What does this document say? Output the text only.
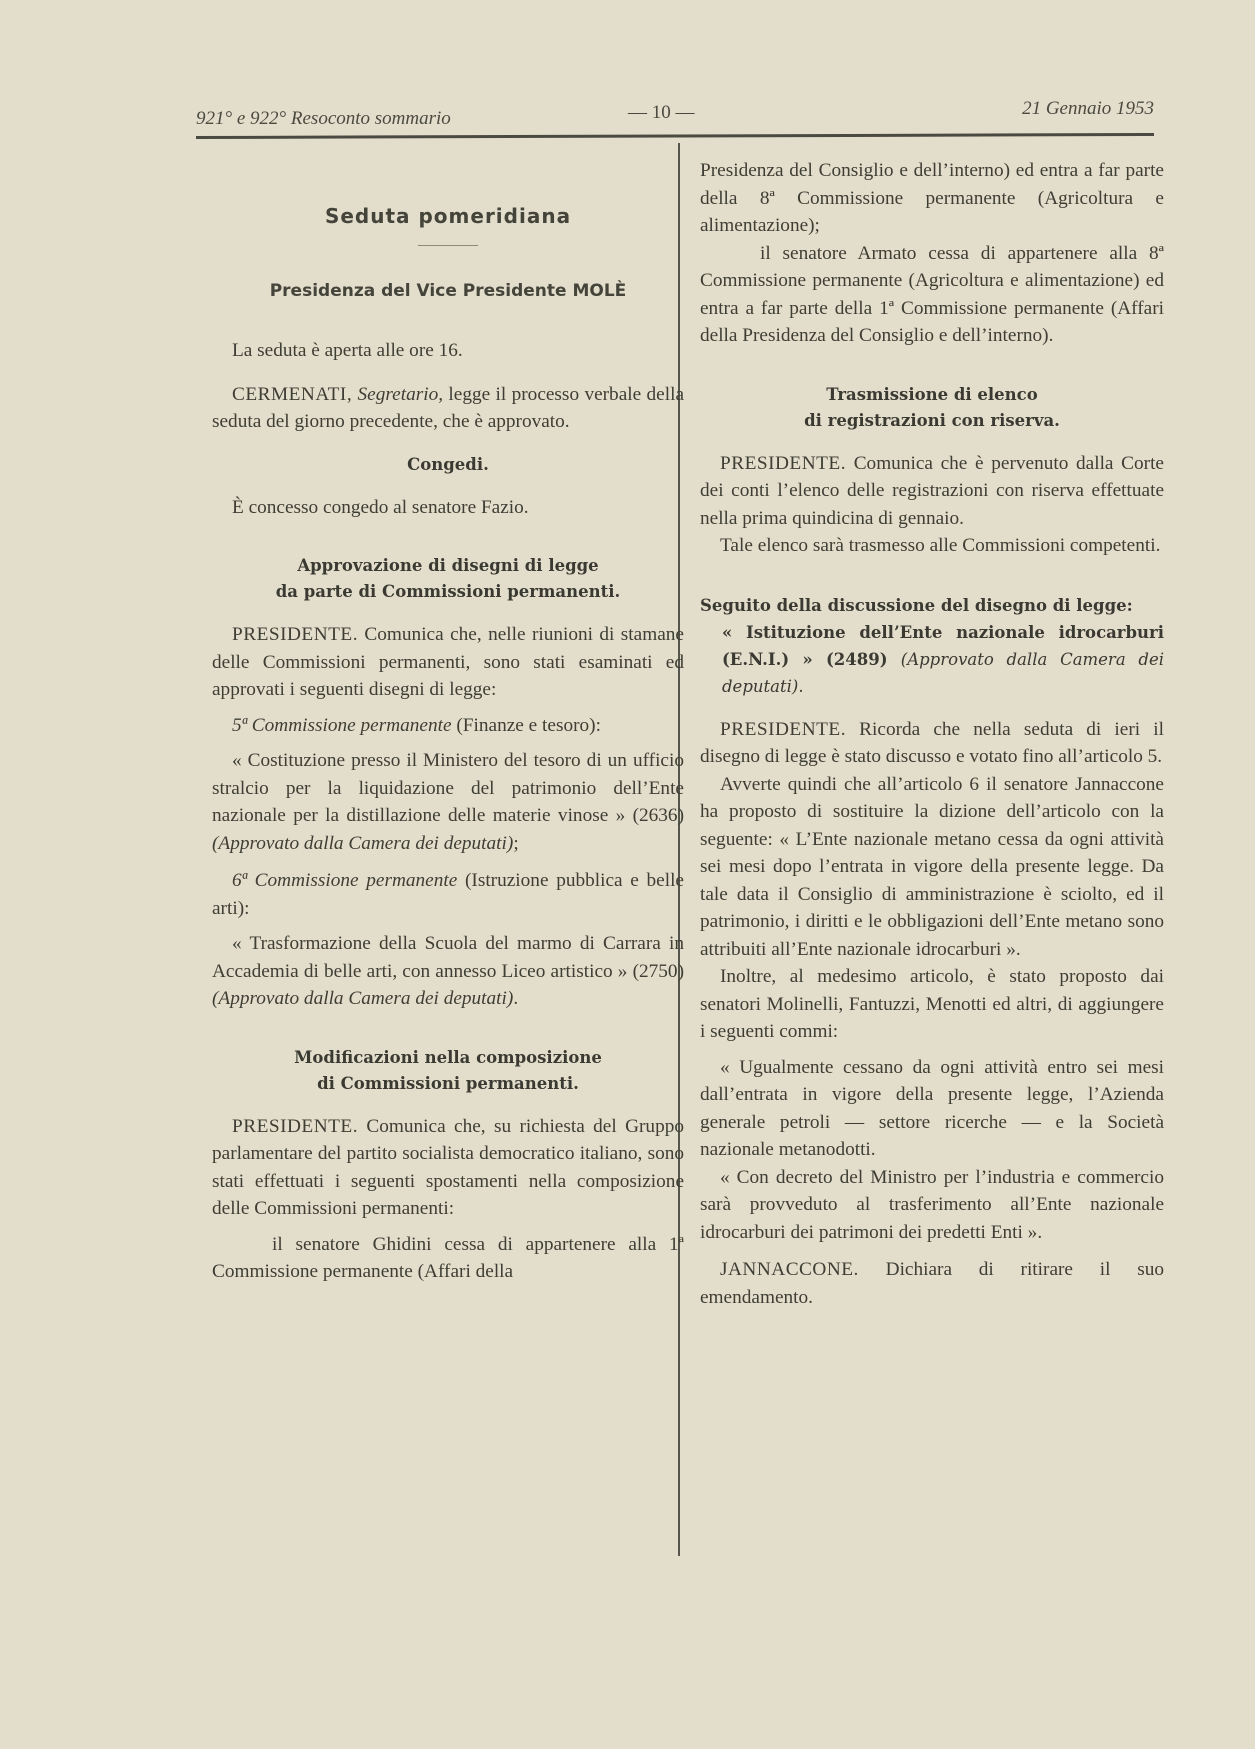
921° e 922° Resoconto sommario	— 10 —	21 Gennaio 1953
Seduta pomeridiana
Presidenza del Vice Presidente MOLÈ

La seduta è aperta alle ore 16.

CERMENATI, Segretario, legge il processo verbale della seduta del giorno precedente, che è approvato.

Congedi.

È concesso congedo al senatore Fazio.

Approvazione di disegni di legge
da parte di Commissioni permanenti.

PRESIDENTE. Comunica che, nelle riunioni di stamane delle Commissioni permanenti, sono stati esaminati ed approvati i seguenti disegni di legge:

5ª Commissione permanente (Finanze e tesoro):

« Costituzione presso il Ministero del tesoro di un ufficio stralcio per la liquidazione del patrimonio dell’Ente nazionale per la distillazione delle materie vinose » (2636) (Approvato dalla Camera dei deputati);

6ª Commissione permanente (Istruzione pubblica e belle arti):

« Trasformazione della Scuola del marmo di Carrara in Accademia di belle arti, con annesso Liceo artistico » (2750) (Approvato dalla Camera dei deputati).

Modificazioni nella composizione
di Commissioni permanenti.

PRESIDENTE. Comunica che, su richiesta del Gruppo parlamentare del partito socialista democratico italiano, sono stati effettuati i seguenti spostamenti nella composizione delle Commissioni permanenti:

il senatore Ghidini cessa di appartenere alla 1ª Commissione permanente (Affari della

Presidenza del Consiglio e dell’interno) ed entra a far parte della 8ª Commissione permanente (Agricoltura e alimentazione);

il senatore Armato cessa di appartenere alla 8ª Commissione permanente (Agricoltura e alimentazione) ed entra a far parte della 1ª Commissione permanente (Affari della Presidenza del Consiglio e dell’interno).

Trasmissione di elenco
di registrazioni con riserva.

PRESIDENTE. Comunica che è pervenuto dalla Corte dei conti l’elenco delle registrazioni con riserva effettuate nella prima quindicina di gennaio.

Tale elenco sarà trasmesso alle Commissioni competenti.

Seguito della discussione del disegno di legge:
« Istituzione dell’Ente nazionale idrocarburi (E.N.I.) » (2489) (Approvato dalla Camera dei deputati).

PRESIDENTE. Ricorda che nella seduta di ieri il disegno di legge è stato discusso e votato fino all’articolo 5.

Avverte quindi che all’articolo 6 il senatore Jannaccone ha proposto di sostituire la dizione dell’articolo con la seguente: « L’Ente nazionale metano cessa da ogni attività sei mesi dopo l’entrata in vigore della presente legge. Da tale data il Consiglio di amministrazione è sciolto, ed il patrimonio, i diritti e le obbligazioni dell’Ente metano sono attribuiti all’Ente nazionale idrocarburi ».

Inoltre, al medesimo articolo, è stato proposto dai senatori Molinelli, Fantuzzi, Menotti ed altri, di aggiungere i seguenti commi:

« Ugualmente cessano da ogni attività entro sei mesi dall’entrata in vigore della presente legge, l’Azienda generale petroli — settore ricerche — e la Società nazionale metanodotti.

« Con decreto del Ministro per l’industria e commercio sarà provveduto al trasferimento all’Ente nazionale idrocarburi dei patrimoni dei predetti Enti ».

JANNACCONE. Dichiara di ritirare il suo emendamento.
